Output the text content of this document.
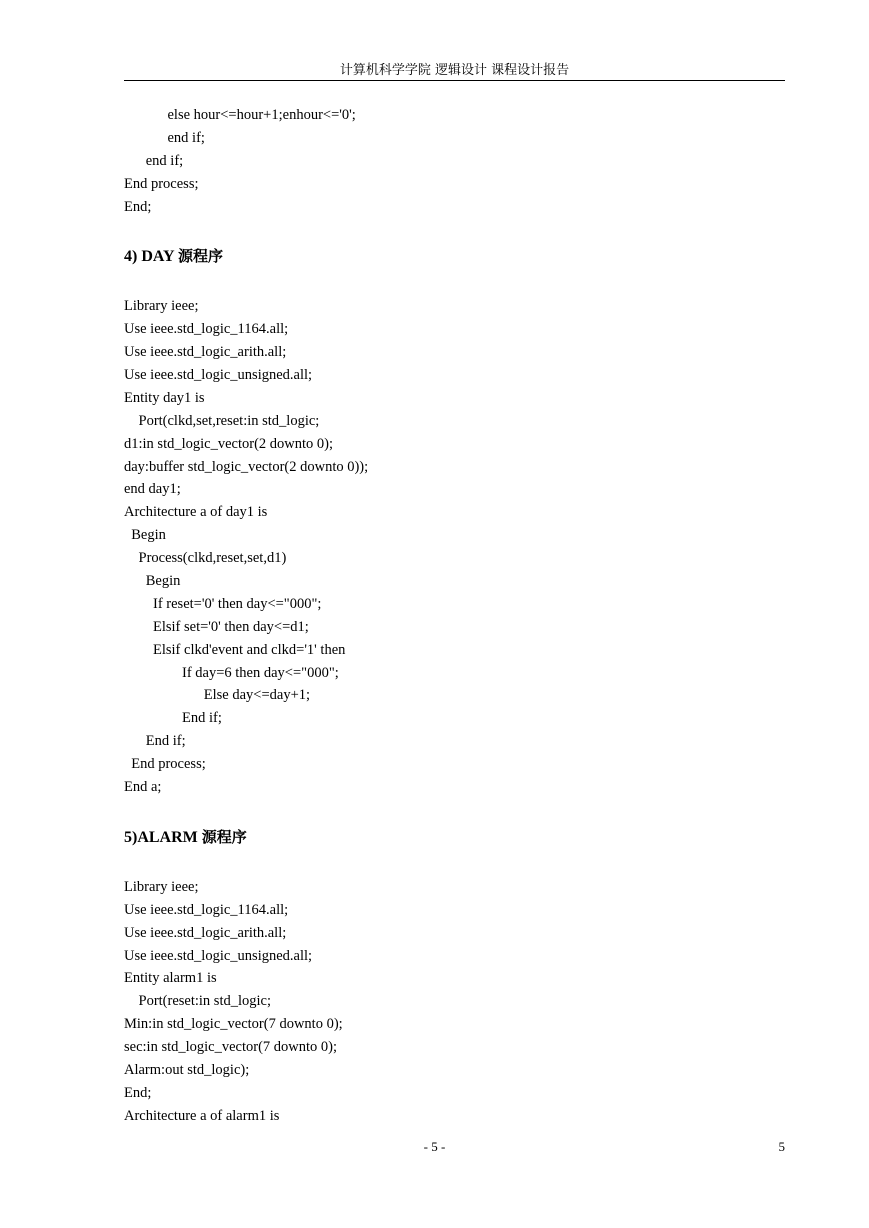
计算机科学学院 逻辑设计 课程设计报告
else hour<=hour+1;enhour<='0';
end if;
end if;
End process;
End;
4) DAY 源程序
Library ieee;
Use ieee.std_logic_1164.all;
Use ieee.std_logic_arith.all;
Use ieee.std_logic_unsigned.all;
Entity day1 is
Port(clkd,set,reset:in std_logic;
d1:in std_logic_vector(2 downto 0);
day:buffer std_logic_vector(2 downto 0));
end day1;
Architecture a of day1 is
Begin
Process(clkd,reset,set,d1)
Begin
If reset='0' then day<="000";
Elsif set='0' then day<=d1;
Elsif clkd'event and clkd='1' then
If day=6 then day<="000";
Else day<=day+1;
End if;
End if;
End process;
End a;
5)ALARM 源程序
Library ieee;
Use ieee.std_logic_1164.all;
Use ieee.std_logic_arith.all;
Use ieee.std_logic_unsigned.all;
Entity alarm1 is
Port(reset:in std_logic;
Min:in std_logic_vector(7 downto 0);
sec:in std_logic_vector(7 downto 0);
Alarm:out std_logic);
End;
Architecture a of alarm1 is
- 5 -	5
